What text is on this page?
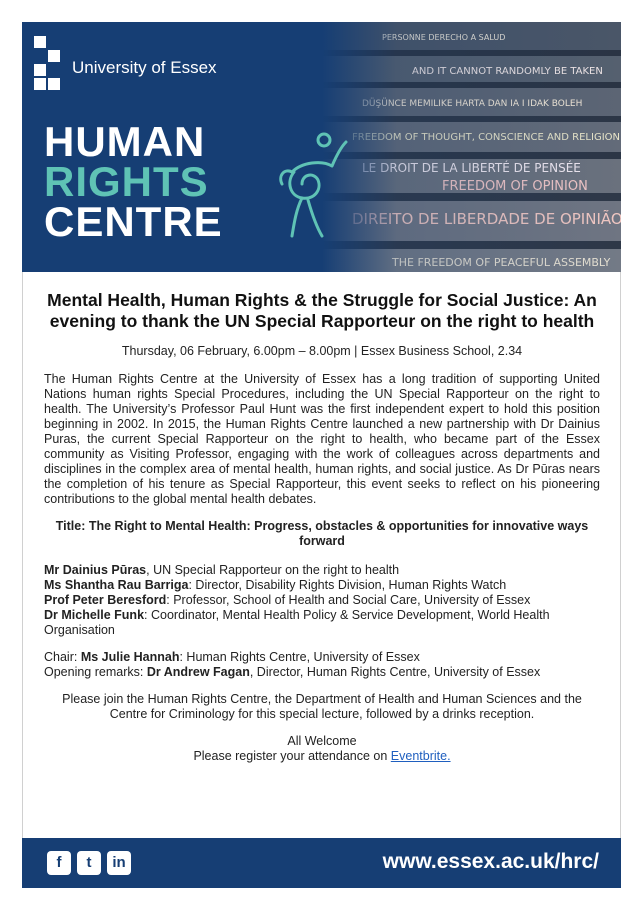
University of Essex
HUMAN
RIGHTS
CENTRE
Mental Health, Human Rights & the Struggle for Social Justice: An evening to thank the UN Special Rapporteur on the right to health

Thursday, 06 February, 6.00pm – 8.00pm | Essex Business School, 2.34

The Human Rights Centre at the University of Essex has a long tradition of supporting United Nations human rights Special Procedures, including the UN Special Rapporteur on the right to health. The University’s Professor Paul Hunt was the first independent expert to hold this position beginning in 2002. In 2015, the Human Rights Centre launched a new partnership with Dr Dainius Puras, the current Special Rapporteur on the right to health, who became part of the Essex community as Visiting Professor, engaging with the work of colleagues across departments and disciplines in the complex area of mental health, human rights, and social justice. As Dr Pūras nears the completion of his tenure as Special Rapporteur, this event seeks to reflect on his pioneering contributions to the global mental health debates.

Title: The Right to Mental Health: Progress, obstacles & opportunities for innovative ways forward

Mr Dainius Pūras, UN Special Rapporteur on the right to health

Ms Shantha Rau Barriga: Director, Disability Rights Division, Human Rights Watch

Prof Peter Beresford: Professor, School of Health and Social Care, University of Essex

Dr Michelle Funk: Coordinator, Mental Health Policy & Service Development, World Health Organisation

Chair: Ms Julie Hannah: Human Rights Centre, University of Essex
Opening remarks: Dr Andrew Fagan, Director, Human Rights Centre, University of Essex

Please join the Human Rights Centre, the Department of Health and Human Sciences and the Centre for Criminology for this special lecture, followed by a drinks reception.

All Welcome

Please register your attendance on Eventbrite.

f	t	in	www.essex.ac.uk/hrc/
